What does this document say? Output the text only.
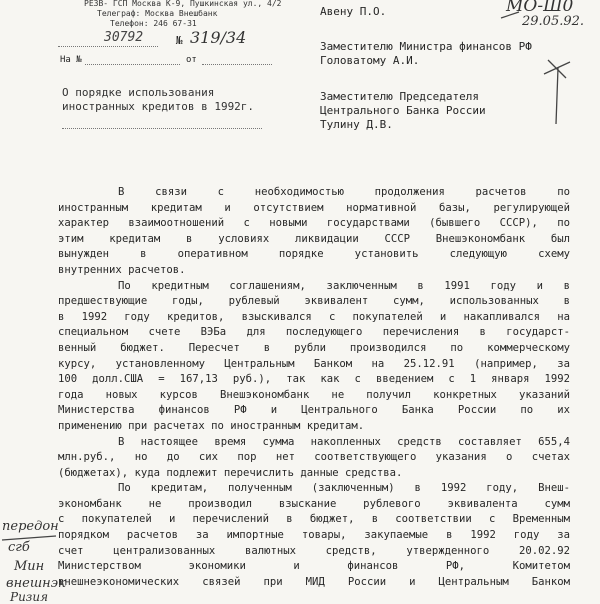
РЕЗВ- ГСП Москва К-9, Пушкинская ул., 4/2
Телеграф: Москва Внешбанк
Телефон: 246 67-31
30792	№ 319/34
На №	от
О порядке использования
иностранных кредитов в 1992г.
Авену П.О.
Заместителю Министра финансов РФ
Головатому А.И.
Заместителю Председателя
Центрального Банка России
Тулину Д.В.
МО-Ш0
29.05.92.
В связи с необходимостью продолжения расчетов по
иностранным кредитам и отсутствием нормативной базы, регулирующей
характер взаимоотношений с новыми государствами (бывшего СССР), по
этим кредитам в условиях ликвидации СССР Внешэкономбанк был
вынужден в оперативном порядке установить следующую схему
внутренних расчетов.
По кредитным соглашениям, заключенным в 1991 году и в
предшествующие годы, рублевый эквивалент сумм, использованных в
в 1992 году кредитов, взыскивался с покупателей и накапливался на
специальном счете ВЭБа для последующего перечисления в государст-
венный бюджет. Пересчет в рубли производился по коммерческому
курсу, установленному Центральным Банком на 25.12.91 (например, за
100 долл.США = 167,13 руб.), так как с введением с 1 января 1992
года новых курсов Внешэкономбанк не получил конкретных указаний
Министерства финансов РФ и Центрального Банка России по их
применению при расчетах по иностранным кредитам.
В настоящее время сумма накопленных средств составляет 655,4
млн.руб., но до сих пор нет соответствующего указания о счетах
(бюджетах), куда подлежит перечислить данные средства.
По кредитам, полученным (заключенным) в 1992 году, Внеш-
экономбанк не производил взыскание рублевого эквивалента сумм
с покупателей и перечислений в бюджет, в соответствии с Временным
порядком расчетов за импортные товары, закупаемые в 1992 году за
счет централизованных валютных средств, утвержденного 20.02.92
Министерством экономики и финансов РФ, Комитетом
внешнеэкономических связей при МИД России и Центральным Банком
передон
сгб
Мин
внешнэк
Ризия
